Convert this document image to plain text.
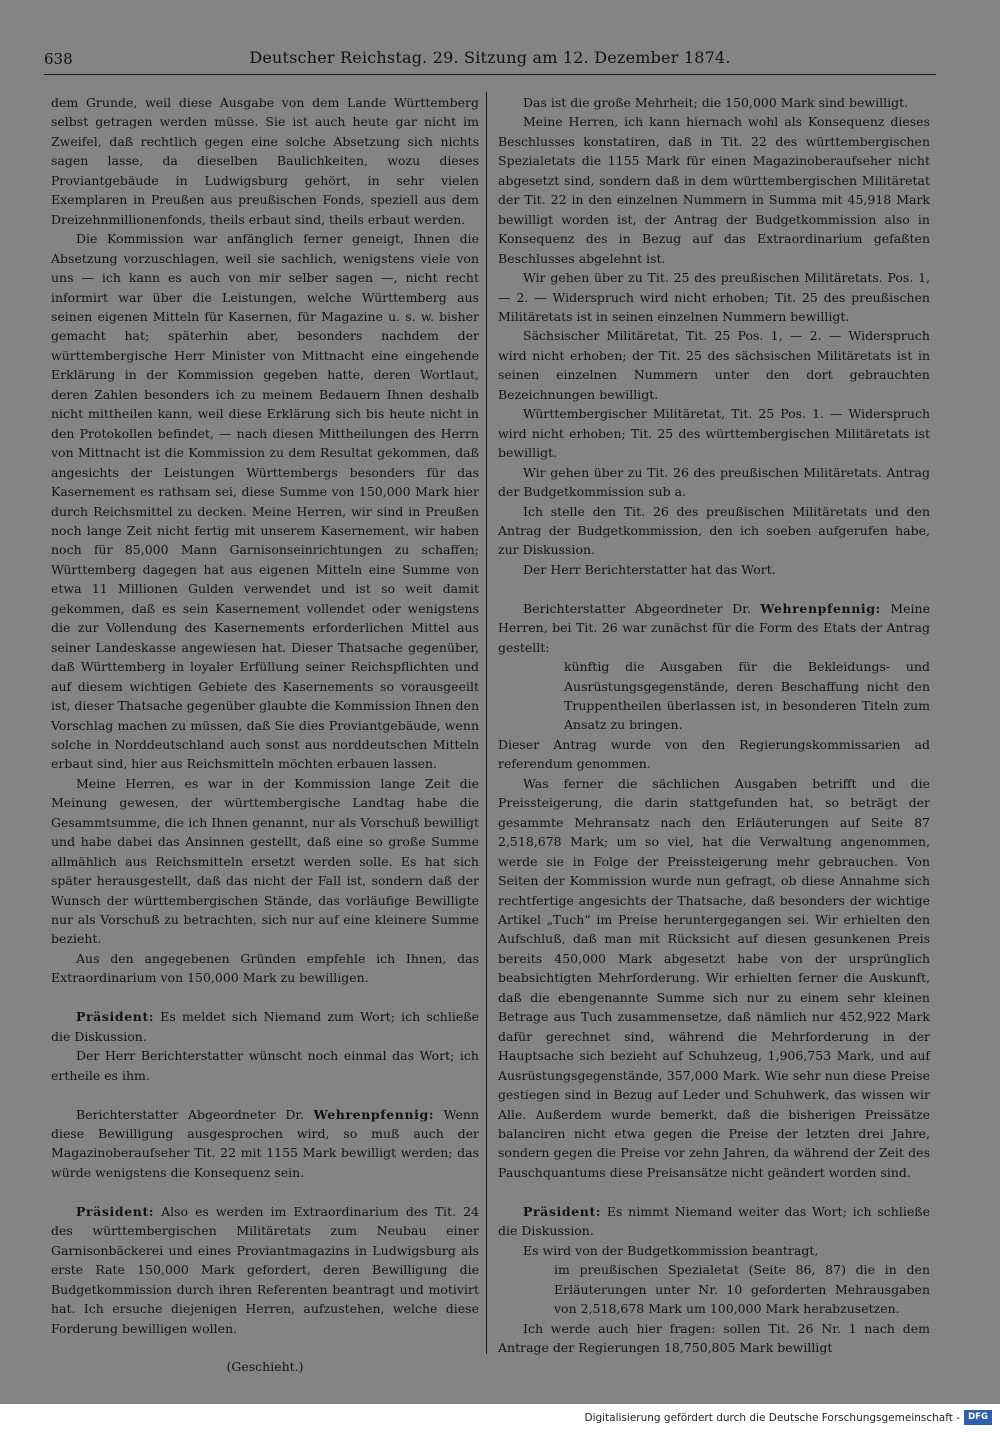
638	Deutscher Reichstag. 29. Sitzung am 12. Dezember 1874.

dem Grunde, weil diese Ausgabe von dem Lande Württemberg selbst getragen werden müsse. Sie ist auch heute gar nicht im Zweifel, daß rechtlich gegen eine solche Absetzung sich nichts sagen lasse, da dieselben Baulichkeiten, wozu dieses Proviantgebäude in Ludwigsburg gehört, in sehr vielen Exemplaren in Preußen aus preußischen Fonds, speziell aus dem Dreizehnmillionenfonds, theils erbaut sind, theils erbaut werden.

Die Kommission war anfänglich ferner geneigt, Ihnen die Absetzung vorzuschlagen, weil sie sachlich, wenigstens viele von uns — ich kann es auch von mir selber sagen —, nicht recht informirt war über die Leistungen, welche Württemberg aus seinen eigenen Mitteln für Kasernen, für Magazine u. s. w. bisher gemacht hat; späterhin aber, besonders nachdem der württembergische Herr Minister von Mittnacht eine eingehende Erklärung in der Kommission gegeben hatte, deren Wortlaut, deren Zahlen besonders ich zu meinem Bedauern Ihnen deshalb nicht mittheilen kann, weil diese Erklärung sich bis heute nicht in den Protokollen befindet, — nach diesen Mittheilungen des Herrn von Mittnacht ist die Kommission zu dem Resultat gekommen, daß angesichts der Leistungen Württembergs besonders für das Kasernement es rathsam sei, diese Summe von 150,000 Mark hier durch Reichsmittel zu decken. Meine Herren, wir sind in Preußen noch lange Zeit nicht fertig mit unserem Kasernement, wir haben noch für 85,000 Mann Garnisonseinrichtungen zu schaffen; Württemberg dagegen hat aus eigenen Mitteln eine Summe von etwa 11 Millionen Gulden verwendet und ist so weit damit gekommen, daß es sein Kasernement vollendet oder wenigstens die zur Vollendung des Kasernements erforderlichen Mittel aus seiner Landeskasse angewiesen hat. Dieser Thatsache gegenüber, daß Württemberg in loyaler Erfüllung seiner Reichspflichten und auf diesem wichtigen Gebiete des Kasernements so vorausgeeilt ist, dieser Thatsache gegenüber glaubte die Kommission Ihnen den Vorschlag machen zu müssen, daß Sie dies Proviantgebäude, wenn solche in Norddeutschland auch sonst aus norddeutschen Mitteln erbaut sind, hier aus Reichsmitteln möchten erbauen lassen.

Meine Herren, es war in der Kommission lange Zeit die Meinung gewesen, der württembergische Landtag habe die Gesammtsumme, die ich Ihnen genannt, nur als Vorschuß bewilligt und habe dabei das Ansinnen gestellt, daß eine so große Summe allmählich aus Reichsmitteln ersetzt werden solle. Es hat sich später herausgestellt, daß das nicht der Fall ist, sondern daß der Wunsch der württembergischen Stände, das vorläufige Bewilligte nur als Vorschuß zu betrachten, sich nur auf eine kleinere Summe bezieht.

Aus den angegebenen Gründen empfehle ich Ihnen, das Extraordinarium von 150,000 Mark zu bewilligen.

Präsident: Es meldet sich Niemand zum Wort; ich schließe die Diskussion.

Der Herr Berichterstatter wünscht noch einmal das Wort; ich ertheile es ihm.

Berichterstatter Abgeordneter Dr. Wehrenpfennig: Wenn diese Bewilligung ausgesprochen wird, so muß auch der Magazinoberaufseher Tit. 22 mit 1155 Mark bewilligt werden; das würde wenigstens die Konsequenz sein.

Präsident: Also es werden im Extraordinarium des Tit. 24 des württembergischen Militäretats zum Neubau einer Garnisonbäckerei und eines Proviantmagazins in Ludwigsburg als erste Rate 150,000 Mark gefordert, deren Bewilligung die Budgetkommission durch ihren Referenten beantragt und motivirt hat. Ich ersuche diejenigen Herren, aufzustehen, welche diese Forderung bewilligen wollen.

(Geschieht.)

Das ist die große Mehrheit; die 150,000 Mark sind bewilligt.

Meine Herren, ich kann hiernach wohl als Konsequenz dieses Beschlusses konstatiren, daß in Tit. 22 des württembergischen Spezialetats die 1155 Mark für einen Magazinoberaufseher nicht abgesetzt sind, sondern daß in dem württembergischen Militäretat der Tit. 22 in den einzelnen Nummern in Summa mit 45,918 Mark bewilligt worden ist, der Antrag der Budgetkommission also in Konsequenz des in Bezug auf das Extraordinarium gefaßten Beschlusses abgelehnt ist.

Wir gehen über zu Tit. 25 des preußischen Militäretats. Pos. 1, — 2. — Widerspruch wird nicht erhoben; Tit. 25 des preußischen Militäretats ist in seinen einzelnen Nummern bewilligt.

Sächsischer Militäretat, Tit. 25 Pos. 1, — 2. — Widerspruch wird nicht erhoben; der Tit. 25 des sächsischen Militäretats ist in seinen einzelnen Nummern unter den dort gebrauchten Bezeichnungen bewilligt.

Württembergischer Militäretat, Tit. 25 Pos. 1. — Widerspruch wird nicht erhoben; Tit. 25 des württembergischen Militäretats ist bewilligt.

Wir gehen über zu Tit. 26 des preußischen Militäretats. Antrag der Budgetkommission sub a.

Ich stelle den Tit. 26 des preußischen Militäretats und den Antrag der Budgetkommission, den ich soeben aufgerufen habe, zur Diskussion.

Der Herr Berichterstatter hat das Wort.

Berichterstatter Abgeordneter Dr. Wehrenpfennig: Meine Herren, bei Tit. 26 war zunächst für die Form des Etats der Antrag gestellt:

künftig die Ausgaben für die Bekleidungs- und Ausrüstungsgegenstände, deren Beschaffung nicht den Truppentheilen überlassen ist, in besonderen Titeln zum Ansatz zu bringen.

Dieser Antrag wurde von den Regierungskommissarien ad referendum genommen.

Was ferner die sächlichen Ausgaben betrifft und die Preissteigerung, die darin stattgefunden hat, so beträgt der gesammte Mehransatz nach den Erläuterungen auf Seite 87 2,518,678 Mark; um so viel, hat die Verwaltung angenommen, werde sie in Folge der Preissteigerung mehr gebrauchen. Von Seiten der Kommission wurde nun gefragt, ob diese Annahme sich rechtfertige angesichts der Thatsache, daß besonders der wichtige Artikel „Tuch“ im Preise heruntergegangen sei. Wir erhielten den Aufschluß, daß man mit Rücksicht auf diesen gesunkenen Preis bereits 450,000 Mark abgesetzt habe von der ursprünglich beabsichtigten Mehrforderung. Wir erhielten ferner die Auskunft, daß die ebengenannte Summe sich nur zu einem sehr kleinen Betrage aus Tuch zusammensetze, daß nämlich nur 452,922 Mark dafür gerechnet sind, während die Mehrforderung in der Hauptsache sich bezieht auf Schuhzeug, 1,906,753 Mark, und auf Ausrüstungsgegenstände, 357,000 Mark. Wie sehr nun diese Preise gestiegen sind in Bezug auf Leder und Schuhwerk, das wissen wir Alle. Außerdem wurde bemerkt, daß die bisherigen Preissätze balanciren nicht etwa gegen die Preise der letzten drei Jahre, sondern gegen die Preise vor zehn Jahren, da während der Zeit des Pauschquantums diese Preisansätze nicht geändert worden sind.

Präsident: Es nimmt Niemand weiter das Wort; ich schließe die Diskussion.

Es wird von der Budgetkommission beantragt,

im preußischen Spezialetat (Seite 86, 87) die in den Erläuterungen unter Nr. 10 geforderten Mehrausgaben von 2,518,678 Mark um 100,000 Mark herabzusetzen.

Ich werde auch hier fragen: sollen Tit. 26 Nr. 1 nach dem Antrage der Regierungen 18,750,805 Mark bewilligt

Digitalisierung gefördert durch die Deutsche Forschungsgemeinschaft - DFG
